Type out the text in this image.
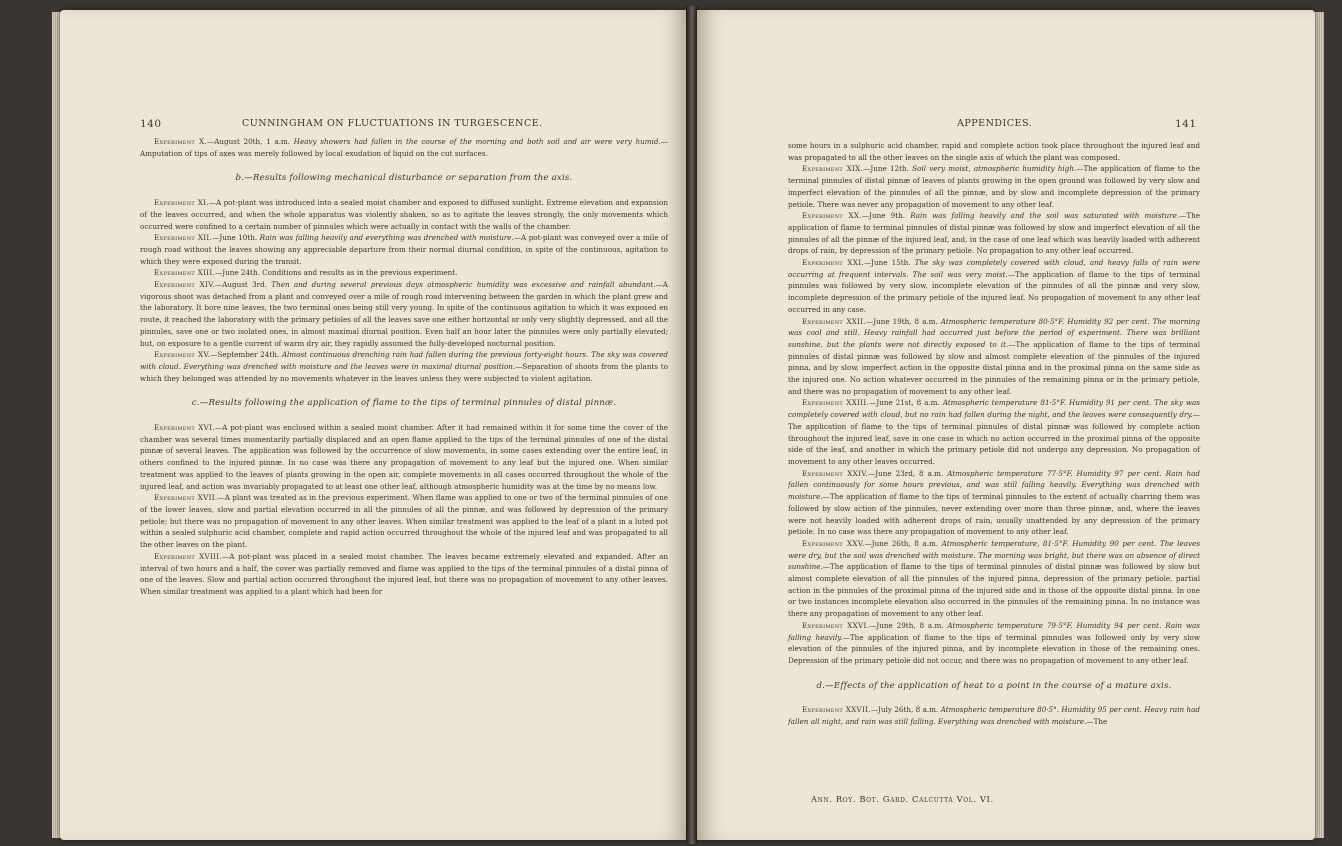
140	CUNNINGHAM ON FLUCTUATIONS IN TURGESCENCE.

Experiment X.—August 20th, 1 a.m. Heavy showers had fallen in the course of the morning and both soil and air were very humid.—Amputation of tips of axes was merely followed by local exudation of liquid on the cut surfaces.

b.—Results following mechanical disturbance or separation from the axis.

Experiment XI.—A pot-plant was introduced into a sealed moist chamber and exposed to diffused sunlight. Extreme elevation and expansion of the leaves occurred, and when the whole apparatus was violently shaken, so as to agitate the leaves strongly, the only movements which occurred were confined to a certain number of pinnules which were actually in contact with the walls of the chamber.

Experiment XII.—June 10th. Rain was falling heavily and everything was drenched with moisture.—A pot-plant was conveyed over a mile of rough road without the leaves showing any appreciable departure from their normal diurnal condition, in spite of the continuous, agitation to which they were exposed during the transit.

Experiment XIII.—June 24th. Conditions and results as in the previous experiment.

Experiment XIV.—August 3rd. Then and during several previous days atmospheric humidity was excessive and rainfall abundant.—A vigorous shoot was detached from a plant and conveyed over a mile of rough road intervening between the garden in which the plant grew and the laboratory. It bore nine leaves, the two terminal ones being still very young. In spite of the continuous agitation to which it was exposed en route, it reached the laboratory with the primary petioles of all the leaves save one either horizontal or only very slightly depressed, and all the pinnules, save one or two isolated ones, in almost maximal diurnal position. Even half an hour later the pinnules were only partially elevated; but, on exposure to a gentle current of warm dry air, they rapidly assumed the fully-developed nocturnal position.

Experiment XV.—September 24th. Almost continuous drenching rain had fallen during the previous forty-eight hours. The sky was covered with cloud. Everything was drenched with moisture and the leaves were in maximal diurnal position.—Separation of shoots from the plants to which they belonged was attended by no movements whatever in the leaves unless they were subjected to violent agitation.

c.—Results following the application of flame to the tips of terminal pinnules of distal pinnæ.

Experiment XVI.—A pot-plant was enclosed within a sealed moist chamber. After it had remained within it for some time the cover of the chamber was several times momentarily partially displaced and an open flame applied to the tips of the terminal pinnules of one of the distal pinnæ of several leaves. The application was followed by the occurrence of slow movements, in some cases extending over the entire leaf, in others confined to the injured pinnæ. In no case was there any propagation of movement to any leaf but the injured one. When similar treatment was applied to the leaves of plants growing in the open air, complete movements in all cases occurred throughout the whole of the injured leaf, and action was invariably propagated to at least one other leaf, although atmospheric humidity was at the time by no means low.

Experiment XVII.—A plant was treated as in the previous experiment. When flame was applied to one or two of the terminal pinnules of one of the lower leaves, slow and partial elevation occurred in all the pinnules of all the pinnæ, and was followed by depression of the primary petiole; but there was no propagation of movement to any other leaves. When similar treatment was applied to the leaf of a plant in a luted pot within a sealed sulphuric acid chamber, complete and rapid action occurred throughout the whole of the injured leaf and was propagated to all the other leaves on the plant.

Experiment XVIII.—A pot-plant was placed in a sealed moist chamber. The leaves became extremely elevated and expanded. After an interval of two hours and a half, the cover was partially removed and flame was applied to the tips of the terminal pinnules of a distal pinna of one of the leaves. Slow and partial action occurred throughout the injured leaf, but there was no propagation of movement to any other leaves. When similar treatment was applied to a plant which had been for

APPENDICES.	141

some hours in a sulphuric acid chamber, rapid and complete action took place throughout the injured leaf and was propagated to all the other leaves on the single axis of which the plant was composed.

Experiment XIX.—June 12th. Soil very moist, atmospheric humidity high.—The application of flame to the terminal pinnules of distal pinnæ of leaves of plants growing in the open ground was followed by very slow and imperfect elevation of the pinnules of all the pinnæ, and by slow and incomplete depression of the primary petiole. There was never any propagation of movement to any other leaf.

Experiment XX.—June 9th. Rain was falling heavily and the soil was saturated with moisture.—The application of flame to terminal pinnules of distal pinnæ was followed by slow and imperfect elevation of all the pinnules of all the pinnæ of the injured leaf, and, in the case of one leaf which was heavily loaded with adherent drops of rain, by depression of the primary petiole. No propagation to any other leaf occurred.

Experiment XXI.—June 15th. The sky was completely covered with cloud, and heavy falls of rain were occurring at frequent intervals. The soil was very moist.—The application of flame to the tips of terminal pinnules was followed by very slow, incomplete elevation of the pinnules of all the pinnæ and very slow, incomplete depression of the primary petiole of the injured leaf. No propagation of movement to any other leaf occurred in any case.

Experiment XXII.—June 19th, 8 a.m. Atmospheric temperature 80·5°F. Humidity 92 per cent. The morning was cool and still. Heavy rainfall had occurred just before the period of experiment. There was brilliant sunshine, but the plants were not directly exposed to it.—The application of flame to the tips of terminal pinnules of distal pinnæ was followed by slow and almost complete elevation of the pinnules of the injured pinna, and by slow, imperfect action in the opposite distal pinna and in the proximal pinna on the same side as the injured one. No action whatever occurred in the pinnules of the remaining pinna or in the primary petiole, and there was no propagation of movement to any other leaf.

Experiment XXIII.—June 21st, 8 a.m. Atmospheric temperature 81·5°F. Humidity 91 per cent. The sky was completely covered with cloud, but no rain had fallen during the night, and the leaves were consequently dry.—The application of flame to the tips of terminal pinnules of distal pinnæ was followed by complete action throughout the injured leaf, save in one case in which no action occurred in the proximal pinna of the opposite side of the leaf, and another in which the primary petiole did not undergo any depression. No propagation of movement to any other leaves occurred.

Experiment XXIV.—June 23rd, 8 a.m. Atmospheric temperature 77·5°F. Humidity 97 per cent. Rain had fallen continuously for some hours previous, and was still falling heavily. Everything was drenched with moisture.—The application of flame to the tips of terminal pinnules to the extent of actually charring them was followed by slow action of the pinnules, never extending over more than three pinnæ, and, where the leaves were not heavily loaded with adherent drops of rain, usually unattended by any depression of the primary petiole. In no case was there any propagation of movement to any other leaf.

Experiment XXV.—June 26th, 8 a.m. Atmospheric temperature, 81·5°F. Humidity 90 per cent. The leaves were dry, but the soil was drenched with moisture. The morning was bright, but there was an absence of direct sunshine.—The application of flame to the tips of terminal pinnules of distal pinnæ was followed by slow but almost complete elevation of all the pinnules of the injured pinna, depression of the primary petiole, partial action in the pinnules of the proximal pinna of the injured side and in those of the opposite distal pinna. In one or two instances incomplete elevation also occurred in the pinnules of the remaining pinna. In no instance was there any propagation of movement to any other leaf.

Experiment XXVI.—June 29th, 8 a.m. Atmospheric temperature 79·5°F. Humidity 94 per cent. Rain was falling heavily.—The application of flame to the tips of terminal pinnules was followed only by very slow elevation of the pinnules of the injured pinna, and by incomplete elevation in those of the remaining ones. Depression of the primary petiole did not occur, and there was no propagation of movement to any other leaf.

d.—Effects of the application of heat to a point in the course of a mature axis.

Experiment XXVII.—July 26th, 8 a.m. Atmospheric temperature 80·5°. Humidity 95 per cent. Heavy rain had fallen all night, and rain was still falling. Everything was drenched with moisture.—The

Ann. Roy. Bot. Gard. Calcutta Vol. VI.
